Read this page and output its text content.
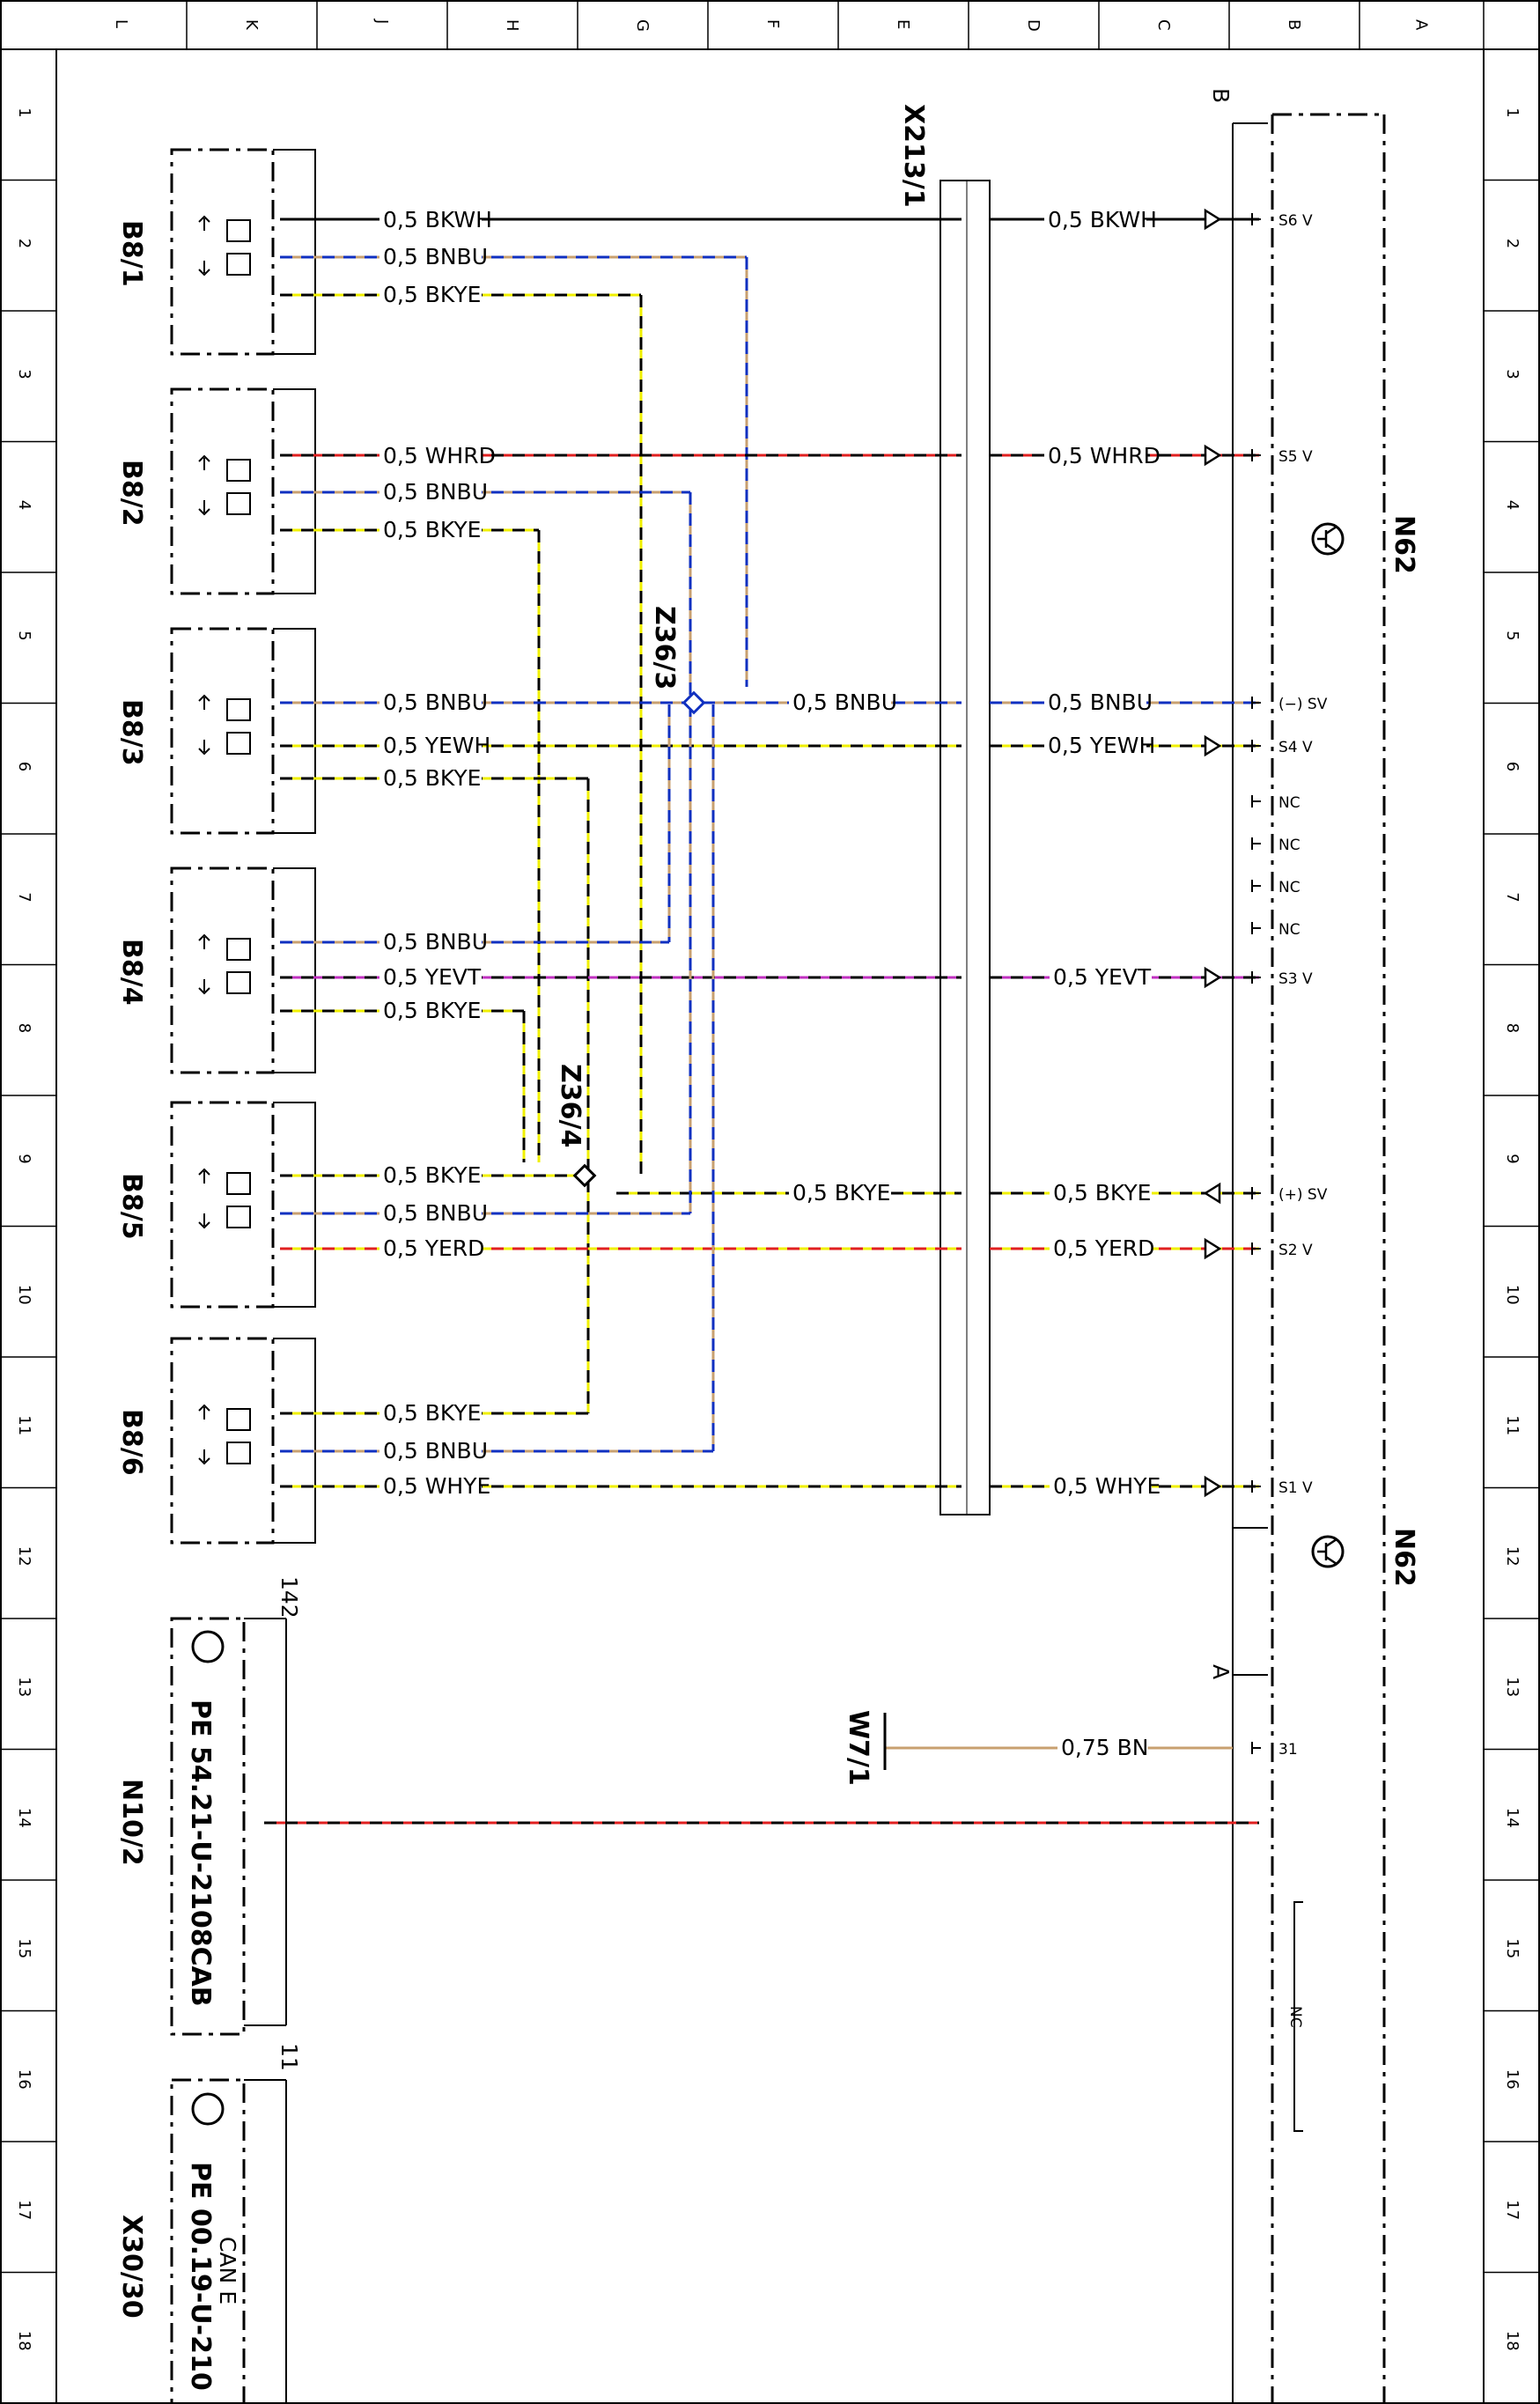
L	K	J	H	G	F	E	D	C	B	A
1	1
2	2
3	3
4	4
5	5
6	6
7	7
8	8
9	9
10	10
11	11
12	12
13	13
14	14
15	15
16	16
17	17
18	18
X213/1
N62
N62
B
A
NC
B8/1
B8/2
B8/3
B8/4
B8/5
B8/6
Z36/3
Z36/4
0,5 BKWH	0,5 BKWH	S6 V
0,5 BNBU
0,5 BKYE
0,5 WHRD	0,5 WHRD	S5 V
0,5 BNBU
0,5 BKYE
0,5 BNBU	0,5 BNBU	0,5 BNBU	(−) SV
0,5 YEWH	0,5 YEWH	S4 V
0,5 BKYE
NC
NC
NC
NC
0,5 BNBU
0,5 YEVT	0,5 YEVT	S3 V
0,5 BKYE
0,5 BKYE
0,5 BKYE	0,5 BKYE	(+) SV
0,5 BNBU
0,5 YERD	0,5 YERD	S2 V
0,5 BKYE
0,5 BNBU
0,5 WHYE	0,5 WHYE	S1 V
0,75 BN	31
PE 54.21-U-2108CAB
N10/2
142
PE 00.19-U-210
X30/30	CAN E
11
W7/1
